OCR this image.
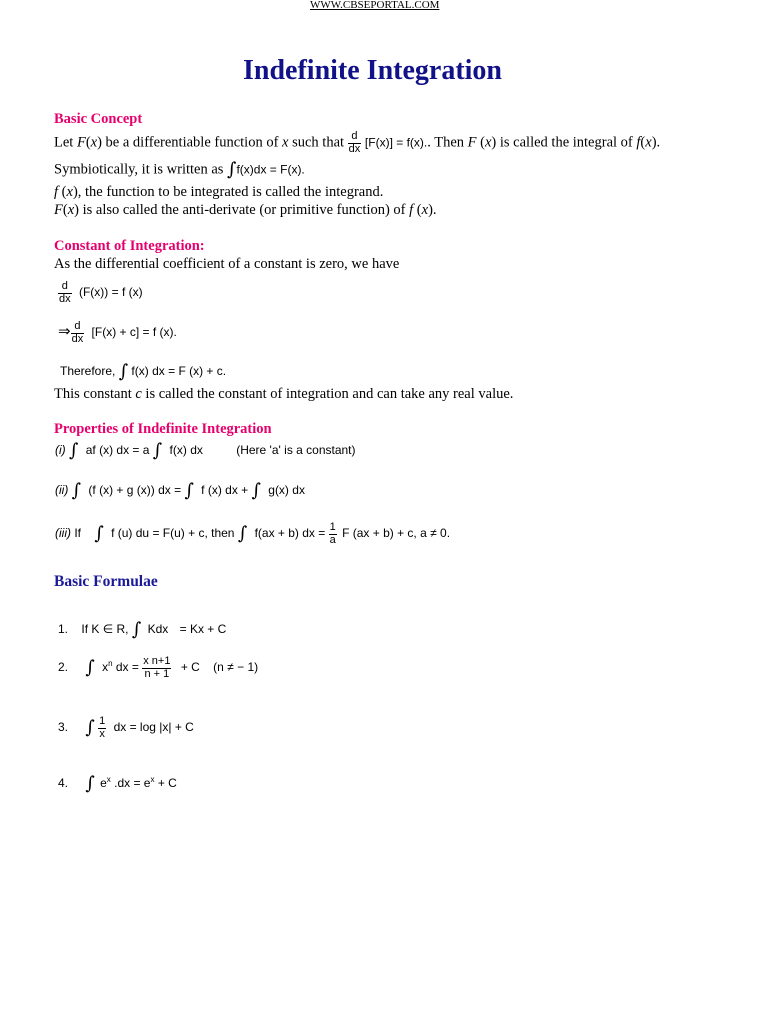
WWW.CBSEPORTAL.COM
Indefinite Integration
Basic Concept
Let F(x) be a differentiable function of x such that $\frac{d}{dx} [F(x)] = f(x)$.. Then F (x) is called the integral of f(x).
Symbiotically, it is written as ∫f(x)dx = F(x).
f (x), the function to be integrated is called the integrand.
F(x) is also called the anti-derivate (or primitive function) of f (x).
Constant of Integration:
As the differential coefficient of a constant is zero, we have
$\frac{d}{dx} (F(x)) = f$ (x)
⇒ $\frac{d}{dx} [F(x) + c] = f$ (x).
Therefore, ∫ f(x) dx = F (x) + c.
This constant c is called the constant of integration and can take any real value.
Properties of Indefinite Integration
(i) ∫ af (x) dx = a ∫ f(x) dx	(Here 'a' is a constant)
(ii) ∫ (f (x) + g (x)) dx = ∫ f (x) dx + ∫ g(x) dx
(iii) If ∫ f (u) du = F(u) + c, then ∫ f(ax + b) dx = $\frac{1}{a}$ F (ax + b) + c, a ≠ 0.
Basic Formulae
1. If K ∈ R, ∫ Kdx = Kx + C
2. ∫ $x^n$ dx = $\frac{\text{x n+1}}{n + 1} + C$ (n ≠ − 1)
3. ∫ $\frac{1}{x}$ dx = log |x| + C
4. ∫ $e^x$ $.dx = e^x + C$
